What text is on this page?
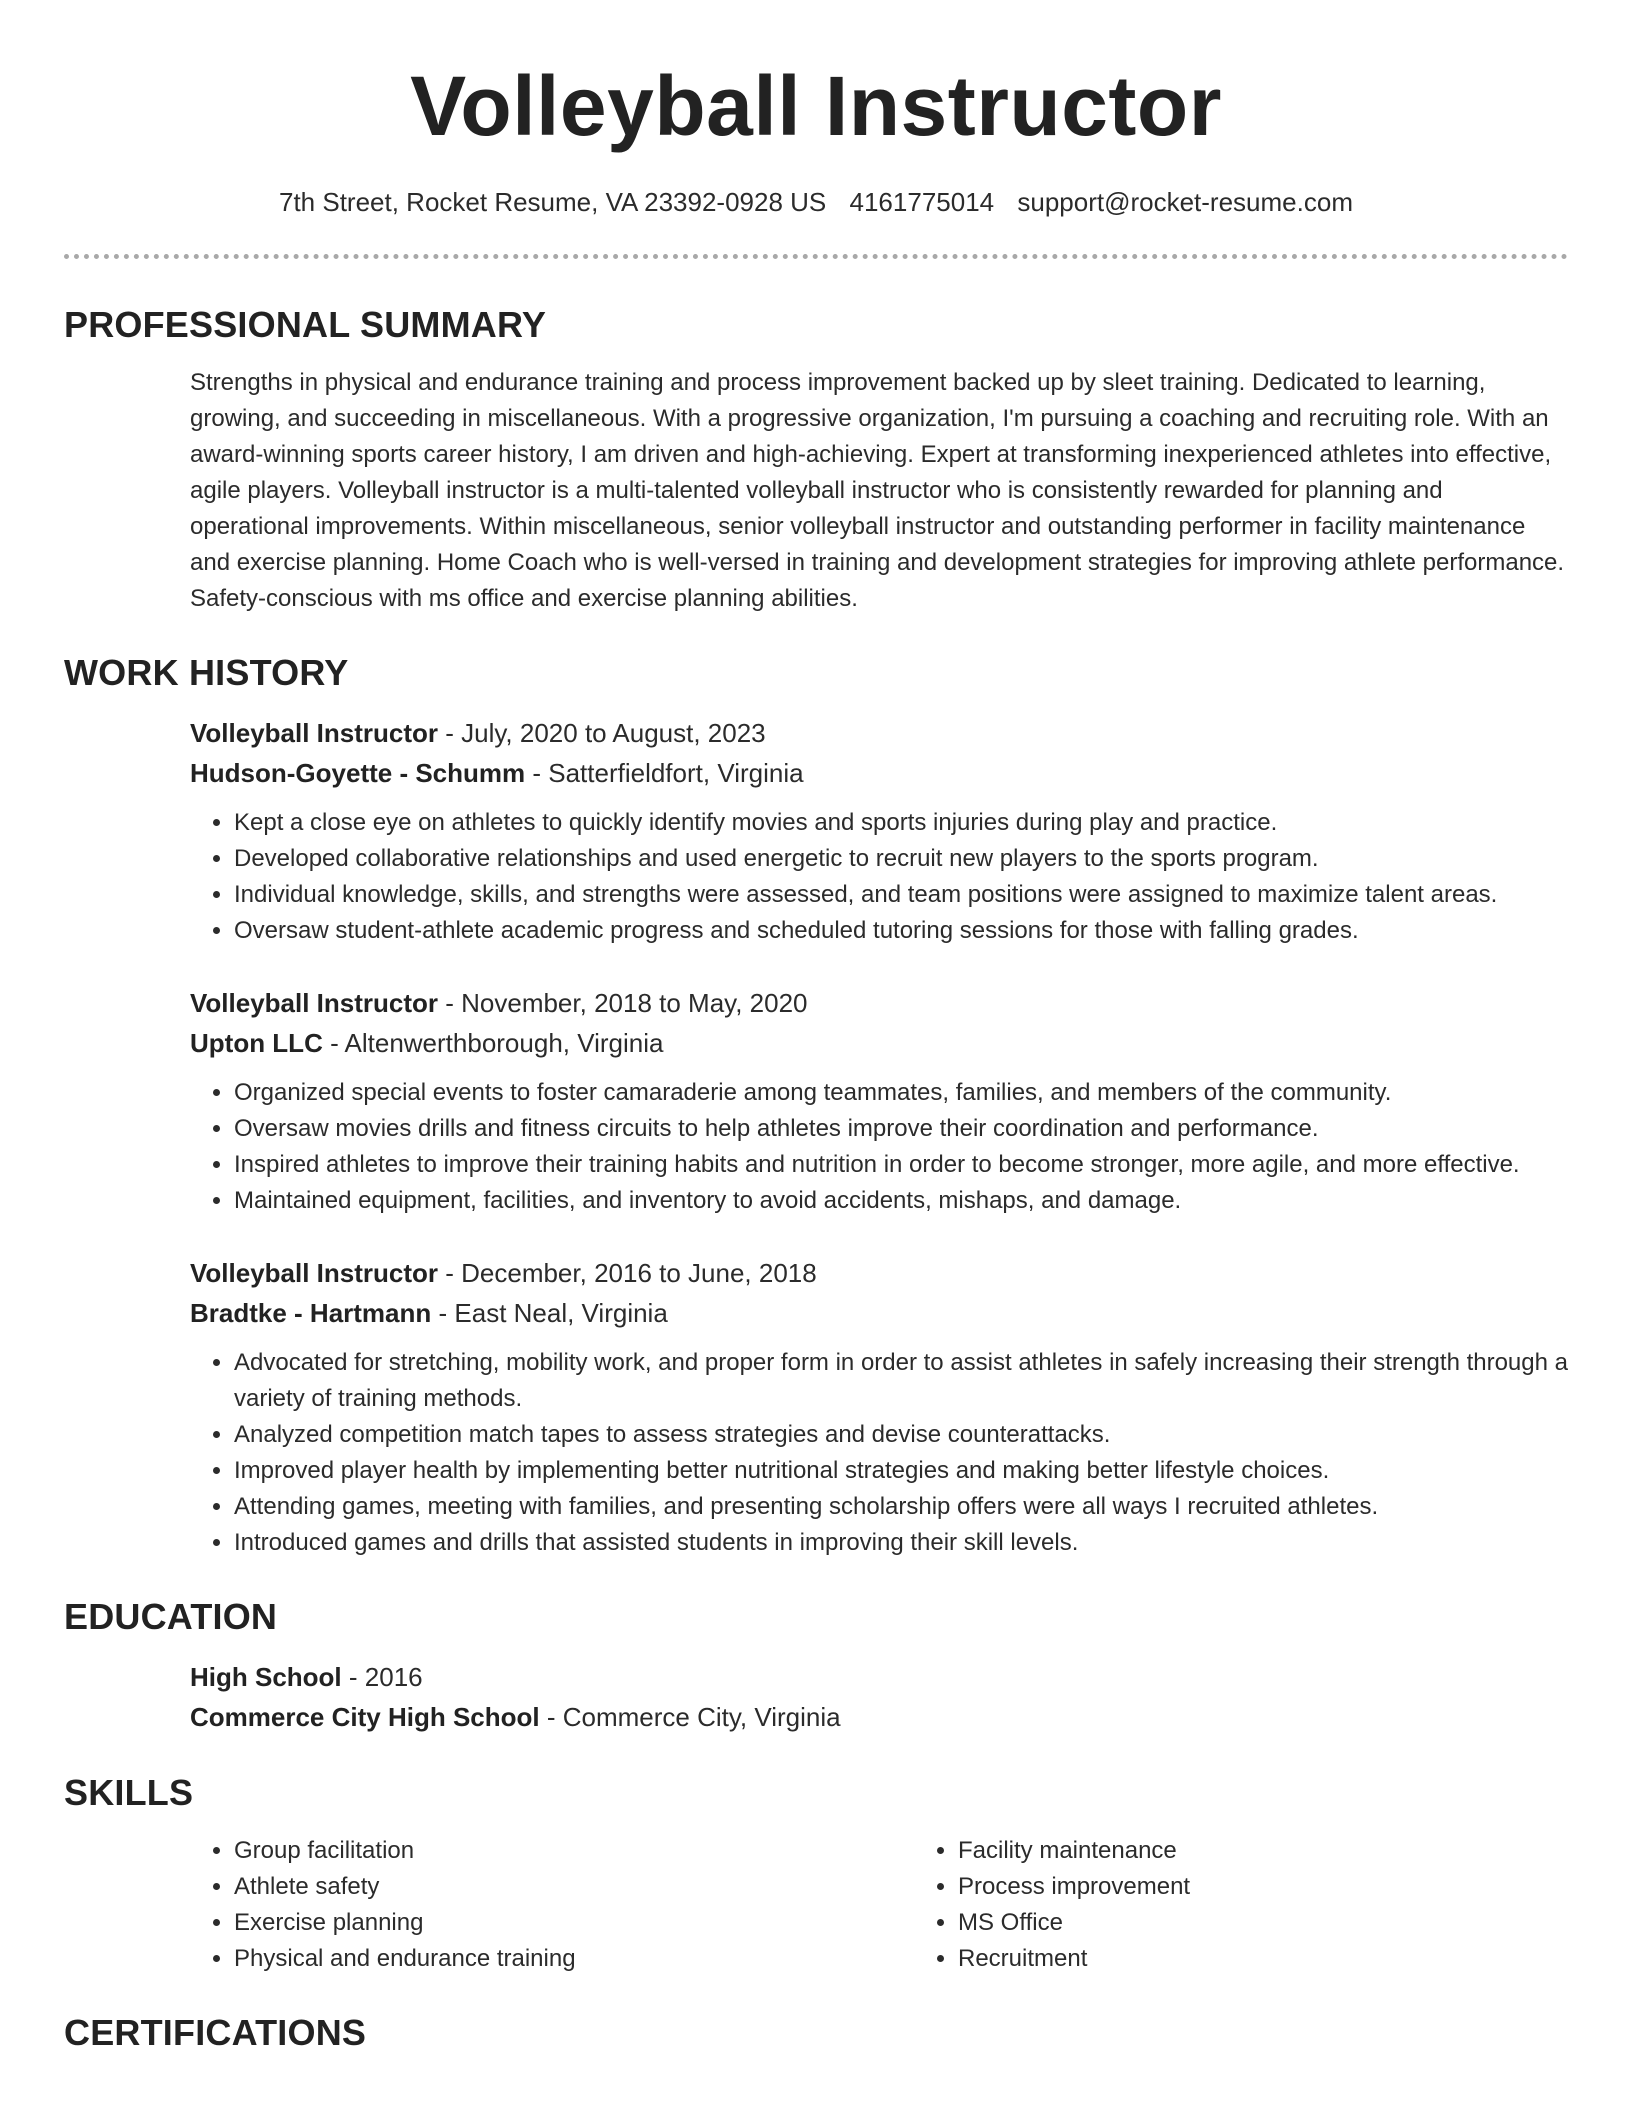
Volleyball Instructor
7th Street, Rocket Resume, VA 23392-0928 US 4161775014 support@rocket-resume.com
PROFESSIONAL SUMMARY
Strengths in physical and endurance training and process improvement backed up by sleet training. Dedicated to learning, growing, and succeeding in miscellaneous. With a progressive organization, I'm pursuing a coaching and recruiting role. With an award-winning sports career history, I am driven and high-achieving. Expert at transforming inexperienced athletes into effective, agile players. Volleyball instructor is a multi-talented volleyball instructor who is consistently rewarded for planning and operational improvements. Within miscellaneous, senior volleyball instructor and outstanding performer in facility maintenance and exercise planning. Home Coach who is well-versed in training and development strategies for improving athlete performance. Safety-conscious with ms office and exercise planning abilities.
WORK HISTORY
Volleyball Instructor - July, 2020 to August, 2023
Hudson-Goyette - Schumm - Satterfieldfort, Virginia
• Kept a close eye on athletes to quickly identify movies and sports injuries during play and practice.
• Developed collaborative relationships and used energetic to recruit new players to the sports program.
• Individual knowledge, skills, and strengths were assessed, and team positions were assigned to maximize talent areas.
• Oversaw student-athlete academic progress and scheduled tutoring sessions for those with falling grades.
Volleyball Instructor - November, 2018 to May, 2020
Upton LLC - Altenwerthborough, Virginia
• Organized special events to foster camaraderie among teammates, families, and members of the community.
• Oversaw movies drills and fitness circuits to help athletes improve their coordination and performance.
• Inspired athletes to improve their training habits and nutrition in order to become stronger, more agile, and more effective.
• Maintained equipment, facilities, and inventory to avoid accidents, mishaps, and damage.
Volleyball Instructor - December, 2016 to June, 2018
Bradtke - Hartmann - East Neal, Virginia
• Advocated for stretching, mobility work, and proper form in order to assist athletes in safely increasing their strength through a variety of training methods.
• Analyzed competition match tapes to assess strategies and devise counterattacks.
• Improved player health by implementing better nutritional strategies and making better lifestyle choices.
• Attending games, meeting with families, and presenting scholarship offers were all ways I recruited athletes.
• Introduced games and drills that assisted students in improving their skill levels.
EDUCATION
High School - 2016
Commerce City High School - Commerce City, Virginia
SKILLS
• Group facilitation
• Athlete safety
• Exercise planning
• Physical and endurance training
• Facility maintenance
• Process improvement
• MS Office
• Recruitment
CERTIFICATIONS
